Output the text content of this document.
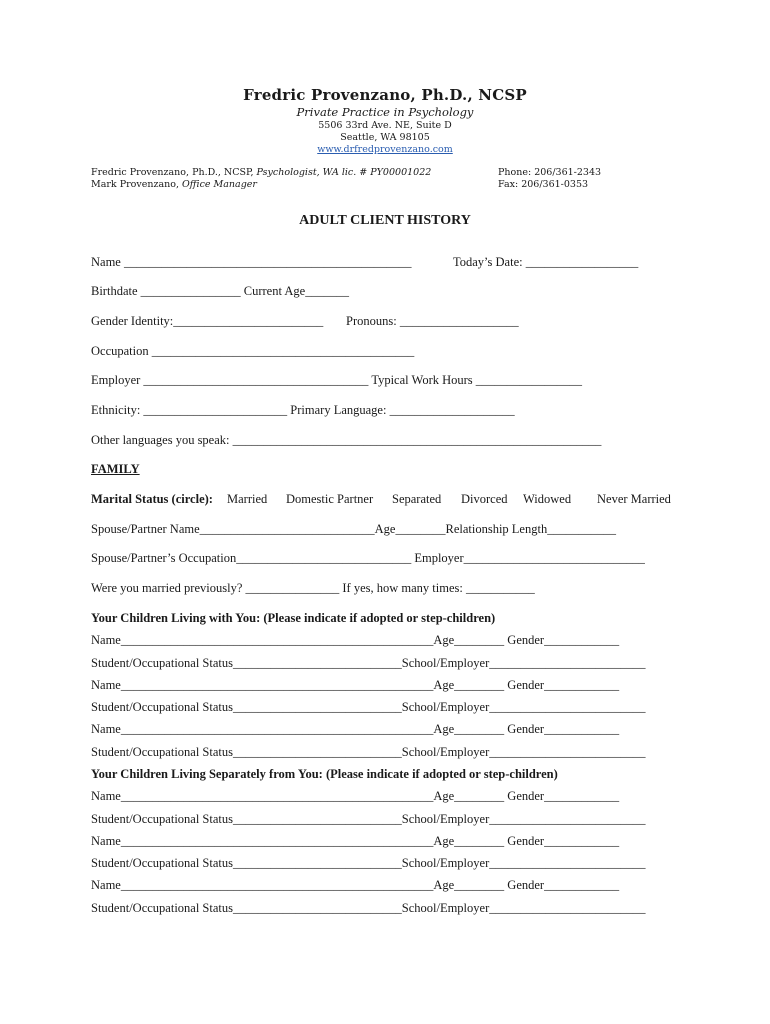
Fredric Provenzano, Ph.D., NCSP
Private Practice in Psychology
5506 33rd Ave. NE, Suite D
Seattle, WA 98105
www.drfredprovenzano.com
Fredric Provenzano, Ph.D., NCSP, Psychologist, WA lic. # PY00001022
Mark Provenzano, Office Manager
Phone: 206/361-2343
Fax: 206/361-0353
ADULT CLIENT HISTORY
Name ______________________________________________	Today’s Date: __________________
Birthdate ________________ Current Age_______
Gender Identity:________________________ Pronouns: ___________________
Occupation __________________________________________
Employer ____________________________________ Typical Work Hours _________________
Ethnicity: _______________________ Primary Language: ____________________
Other languages you speak: ___________________________________________________________
FAMILY
Marital Status (circle): Married Domestic Partner Separated Divorced Widowed Never Married
Spouse/Partner Name____________________________Age________Relationship Length___________
Spouse/Partner’s Occupation____________________________ Employer_____________________________
Were you married previously? _______________ If yes, how many times: ___________
Your Children Living with You: (Please indicate if adopted or step-children)
Name__________________________________________________Age________ Gender____________
Student/Occupational Status___________________________School/Employer_________________________
Name__________________________________________________Age________ Gender____________
Student/Occupational Status___________________________School/Employer_________________________
Name__________________________________________________Age________ Gender____________
Student/Occupational Status___________________________School/Employer_________________________
Your Children Living Separately from You: (Please indicate if adopted or step-children)
Name__________________________________________________Age________ Gender____________
Student/Occupational Status___________________________School/Employer_________________________
Name__________________________________________________Age________ Gender____________
Student/Occupational Status___________________________School/Employer_________________________
Name__________________________________________________Age________ Gender____________
Student/Occupational Status___________________________School/Employer_________________________
